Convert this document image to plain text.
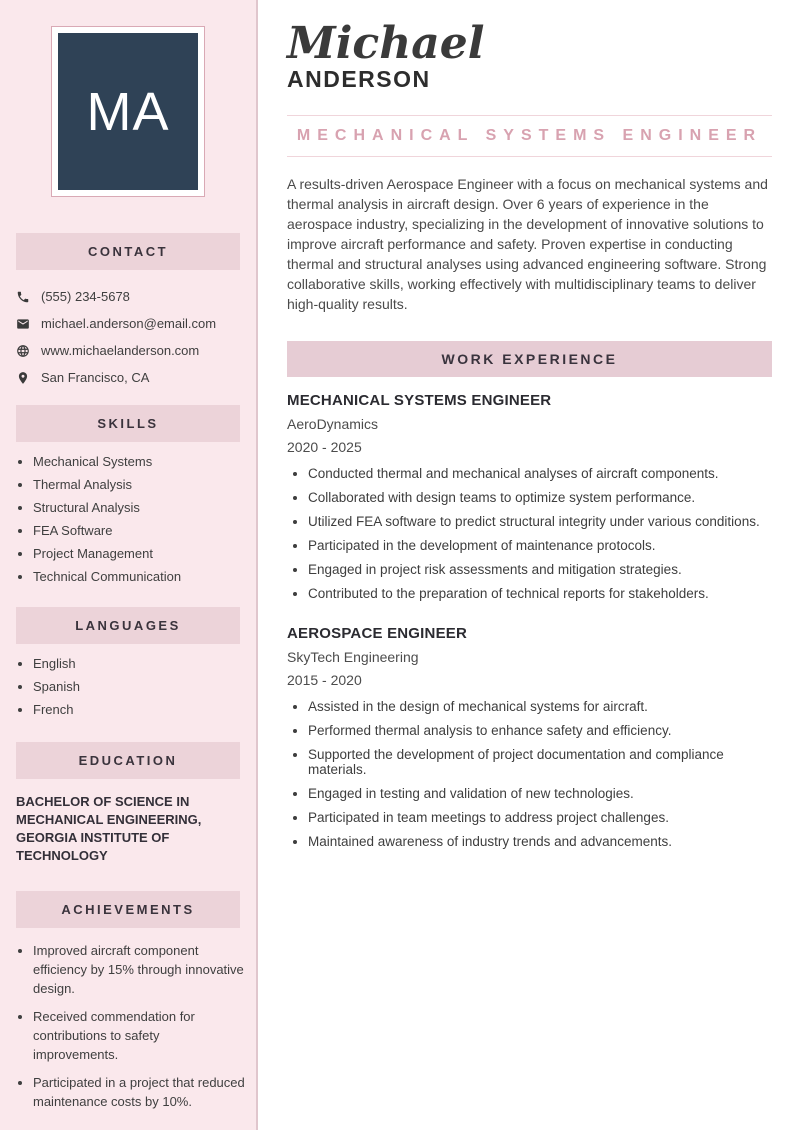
MA
CONTACT
(555) 234-5678
michael.anderson@email.com
www.michaelanderson.com
San Francisco, CA
SKILLS
• Mechanical Systems
• Thermal Analysis
• Structural Analysis
• FEA Software
• Project Management
• Technical Communication
LANGUAGES
• English
• Spanish
• French
EDUCATION
BACHELOR OF SCIENCE IN MECHANICAL ENGINEERING, GEORGIA INSTITUTE OF TECHNOLOGY
ACHIEVEMENTS
• Improved aircraft component efficiency by 15% through innovative design.
• Received commendation for contributions to safety improvements.
• Participated in a project that reduced maintenance costs by 10%.
Michael
ANDERSON
MECHANICAL SYSTEMS ENGINEER

A results-driven Aerospace Engineer with a focus on mechanical systems and thermal analysis in aircraft design. Over 6 years of experience in the aerospace industry, specializing in the development of innovative solutions to improve aircraft performance and safety. Proven expertise in conducting thermal and structural analyses using advanced engineering software. Strong collaborative skills, working effectively with multidisciplinary teams to deliver high-quality results.

WORK EXPERIENCE
MECHANICAL SYSTEMS ENGINEER
AeroDynamics
2020 - 2025
• Conducted thermal and mechanical analyses of aircraft components.
• Collaborated with design teams to optimize system performance.
• Utilized FEA software to predict structural integrity under various conditions.
• Participated in the development of maintenance protocols.
• Engaged in project risk assessments and mitigation strategies.
• Contributed to the preparation of technical reports for stakeholders.
AEROSPACE ENGINEER
SkyTech Engineering
2015 - 2020
• Assisted in the design of mechanical systems for aircraft.
• Performed thermal analysis to enhance safety and efficiency.
• Supported the development of project documentation and compliance materials.
• Engaged in testing and validation of new technologies.
• Participated in team meetings to address project challenges.
• Maintained awareness of industry trends and advancements.
